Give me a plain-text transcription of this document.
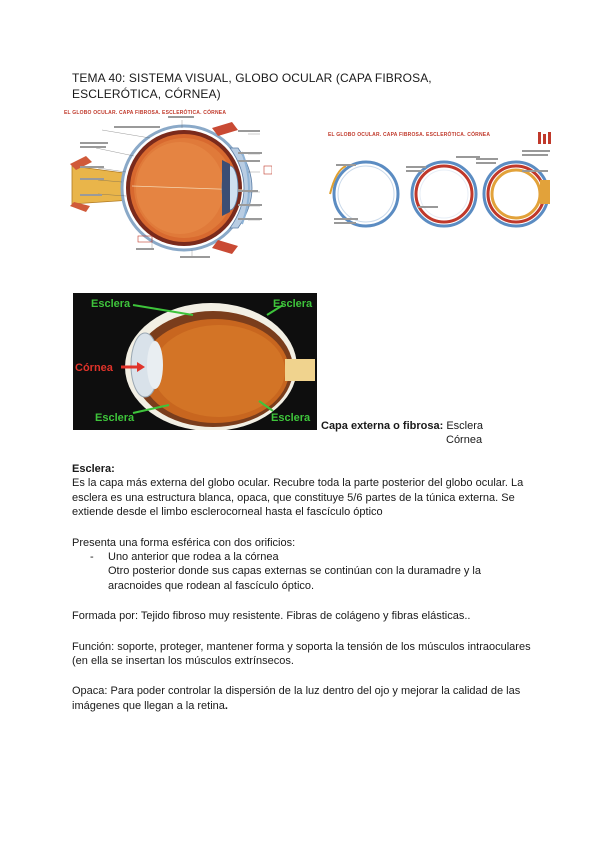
TEMA 40: SISTEMA VISUAL, GLOBO OCULAR (CAPA FIBROSA, ESCLERÓTICA, CÓRNEA)
EL GLOBO OCULAR. CAPA FIBROSA. ESCLERÓTICA. CÓRNEA
EL GLOBO OCULAR. CAPA FIBROSA. ESCLERÓTICA. CÓRNEA
Esclera	Esclera
Córnea
Esclera	Esclera
Capa externa o fibrosa: Esclera
Córnea

Esclera:

Es la capa más externa del globo ocular. Recubre toda la parte posterior del globo ocular. La esclera es una estructura blanca, opaca, que constituye 5/6 partes de la túnica externa. Se extiende desde el limbo esclerocorneal hasta el fascículo óptico

Presenta una forma esférica con dos orificios:

- Uno anterior que rodea a la córnea

Otro posterior donde sus capas externas se continúan con la duramadre y la aracnoides que rodean al fascículo óptico.

Formada por: Tejido fibroso muy resistente. Fibras de colágeno y fibras elásticas..

Función: soporte, proteger, mantener forma y soporta la tensión de los músculos intraoculares (en ella se insertan los músculos extrínsecos.

Opaca: Para poder controlar la dispersión de la luz dentro del ojo y mejorar la calidad de las imágenes que llegan a la retina.
